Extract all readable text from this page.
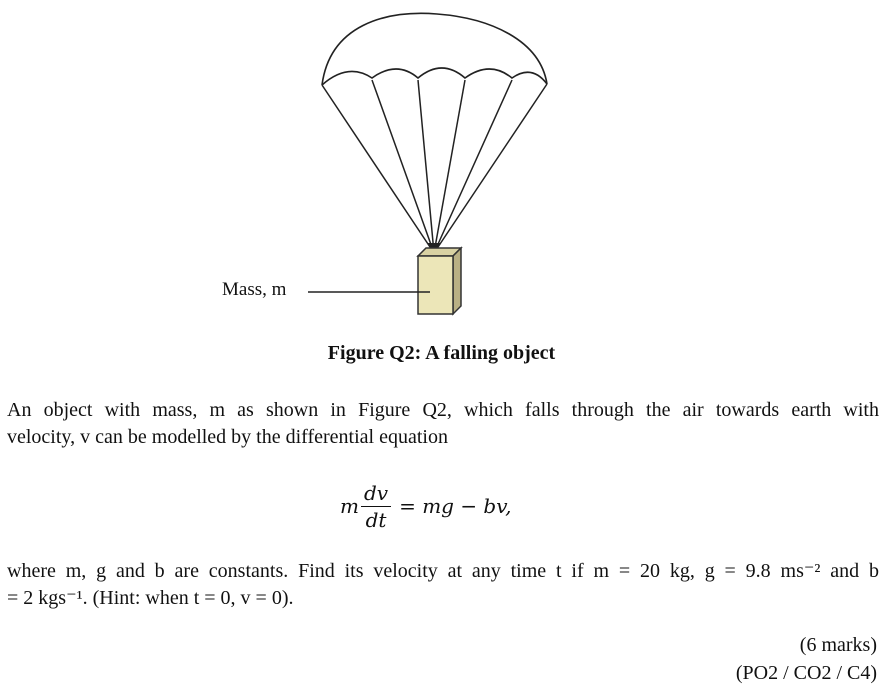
Mass, m
Figure Q2: A falling object
An object with mass, m as shown in Figure Q2, which falls through the air towards earth with
velocity, v can be modelled by the differential equation
m $\frac{dv}{dt}$ = mg − bv,
where m, g and b are constants. Find its velocity at any time t if m = 20 kg, g = 9.8 ms⁻² and b
= 2 kgs⁻¹. (Hint: when t = 0, v = 0).
(6 marks)
(PO2 / CO2 / C4)
